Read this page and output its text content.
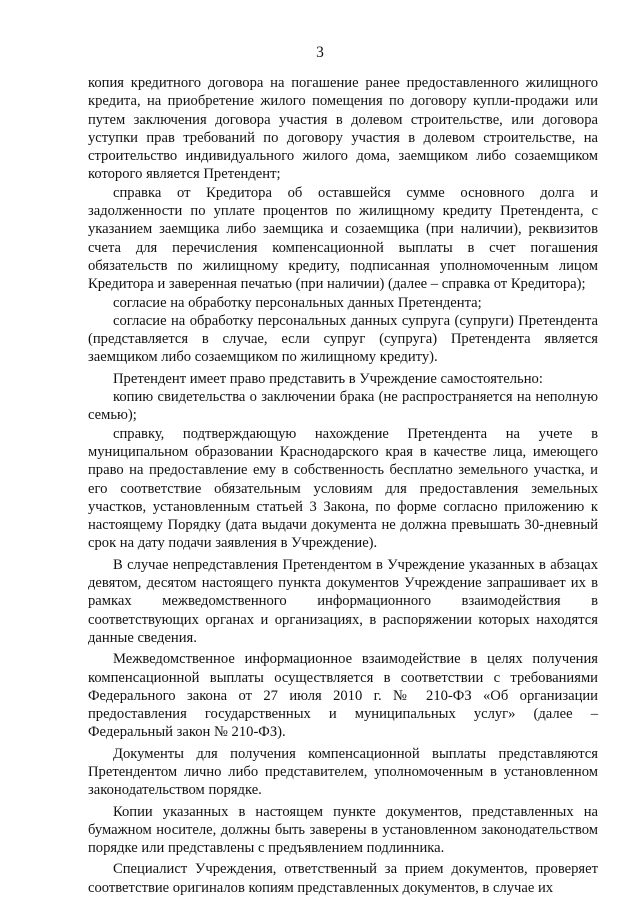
3

копия кредитного договора на погашение ранее предоставленного жилищного кредита, на приобретение жилого помещения по договору купли-продажи или путем заключения договора участия в долевом строительстве, или договора уступки прав требований по договору участия в долевом строительстве, на строительство индивидуального жилого дома, заемщиком либо созаемщиком которого является Претендент;

справка от Кредитора об оставшейся сумме основного долга и задолженности по уплате процентов по жилищному кредиту Претендента, с указанием заемщика либо заемщика и созаемщика (при наличии), реквизитов счета для перечисления компенсационной выплаты в счет погашения обязательств по жилищному кредиту, подписанная уполномоченным лицом Кредитора и заверенная печатью (при наличии) (далее – справка от Кредитора);

согласие на обработку персональных данных Претендента;

согласие на обработку персональных данных супруга (супруги) Претендента (представляется в случае, если супруг (супруга) Претендента является заемщиком либо созаемщиком по жилищному кредиту).

Претендент имеет право представить в Учреждение самостоятельно:

копию свидетельства о заключении брака (не распространяется на неполную семью);

справку, подтверждающую нахождение Претендента на учете в муниципальном образовании Краснодарского края в качестве лица, имеющего право на предоставление ему в собственность бесплатно земельного участка, и его соответствие обязательным условиям для предоставления земельных участков, установленным статьей 3 Закона, по форме согласно приложению к настоящему Порядку (дата выдачи документа не должна превышать 30-дневный срок на дату подачи заявления в Учреждение).

В случае непредставления Претендентом в Учреждение указанных в абзацах девятом, десятом настоящего пункта документов Учреждение запрашивает их в рамках межведомственного информационного взаимодействия в соответствующих органах и организациях, в распоряжении которых находятся данные сведения.

Межведомственное информационное взаимодействие в целях получения компенсационной выплаты осуществляется в соответствии с требованиями Федерального закона от 27 июля 2010 г. № 210-ФЗ «Об организации предоставления государственных и муниципальных услуг» (далее – Федеральный закон № 210-ФЗ).

Документы для получения компенсационной выплаты представляются Претендентом лично либо представителем, уполномоченным в установленном законодательством порядке.

Копии указанных в настоящем пункте документов, представленных на бумажном носителе, должны быть заверены в установленном законодательством порядке или представлены с предъявлением подлинника.

Специалист Учреждения, ответственный за прием документов, проверяет соответствие оригиналов копиям представленных документов, в случае их
